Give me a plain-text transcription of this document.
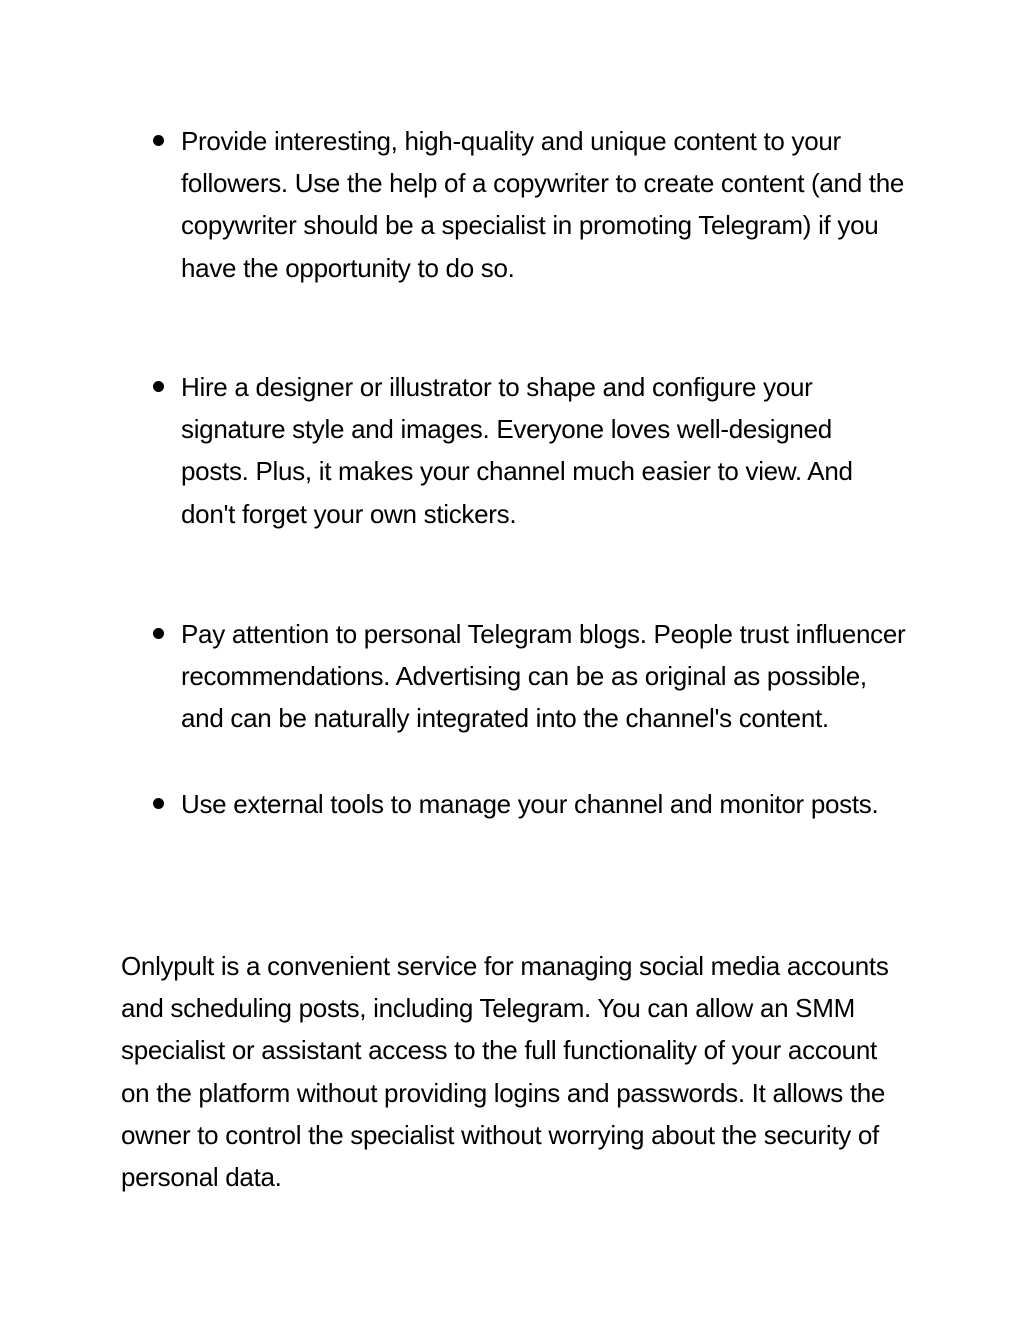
Provide interesting, high-quality and unique content to your followers. Use the help of a copywriter to create content (and the copywriter should be a specialist in promoting Telegram) if you have the opportunity to do so.
Hire a designer or illustrator to shape and configure your signature style and images. Everyone loves well-designed posts. Plus, it makes your channel much easier to view. And don't forget your own stickers.
Pay attention to personal Telegram blogs. People trust influencer recommendations. Advertising can be as original as possible, and can be naturally integrated into the channel's content.
Use external tools to manage your channel and monitor posts.

Onlypult is a convenient service for managing social media accounts and scheduling posts, including Telegram. You can allow an SMM specialist or assistant access to the full functionality of your account on the platform without providing logins and passwords. It allows the owner to control the specialist without worrying about the security of personal data.
